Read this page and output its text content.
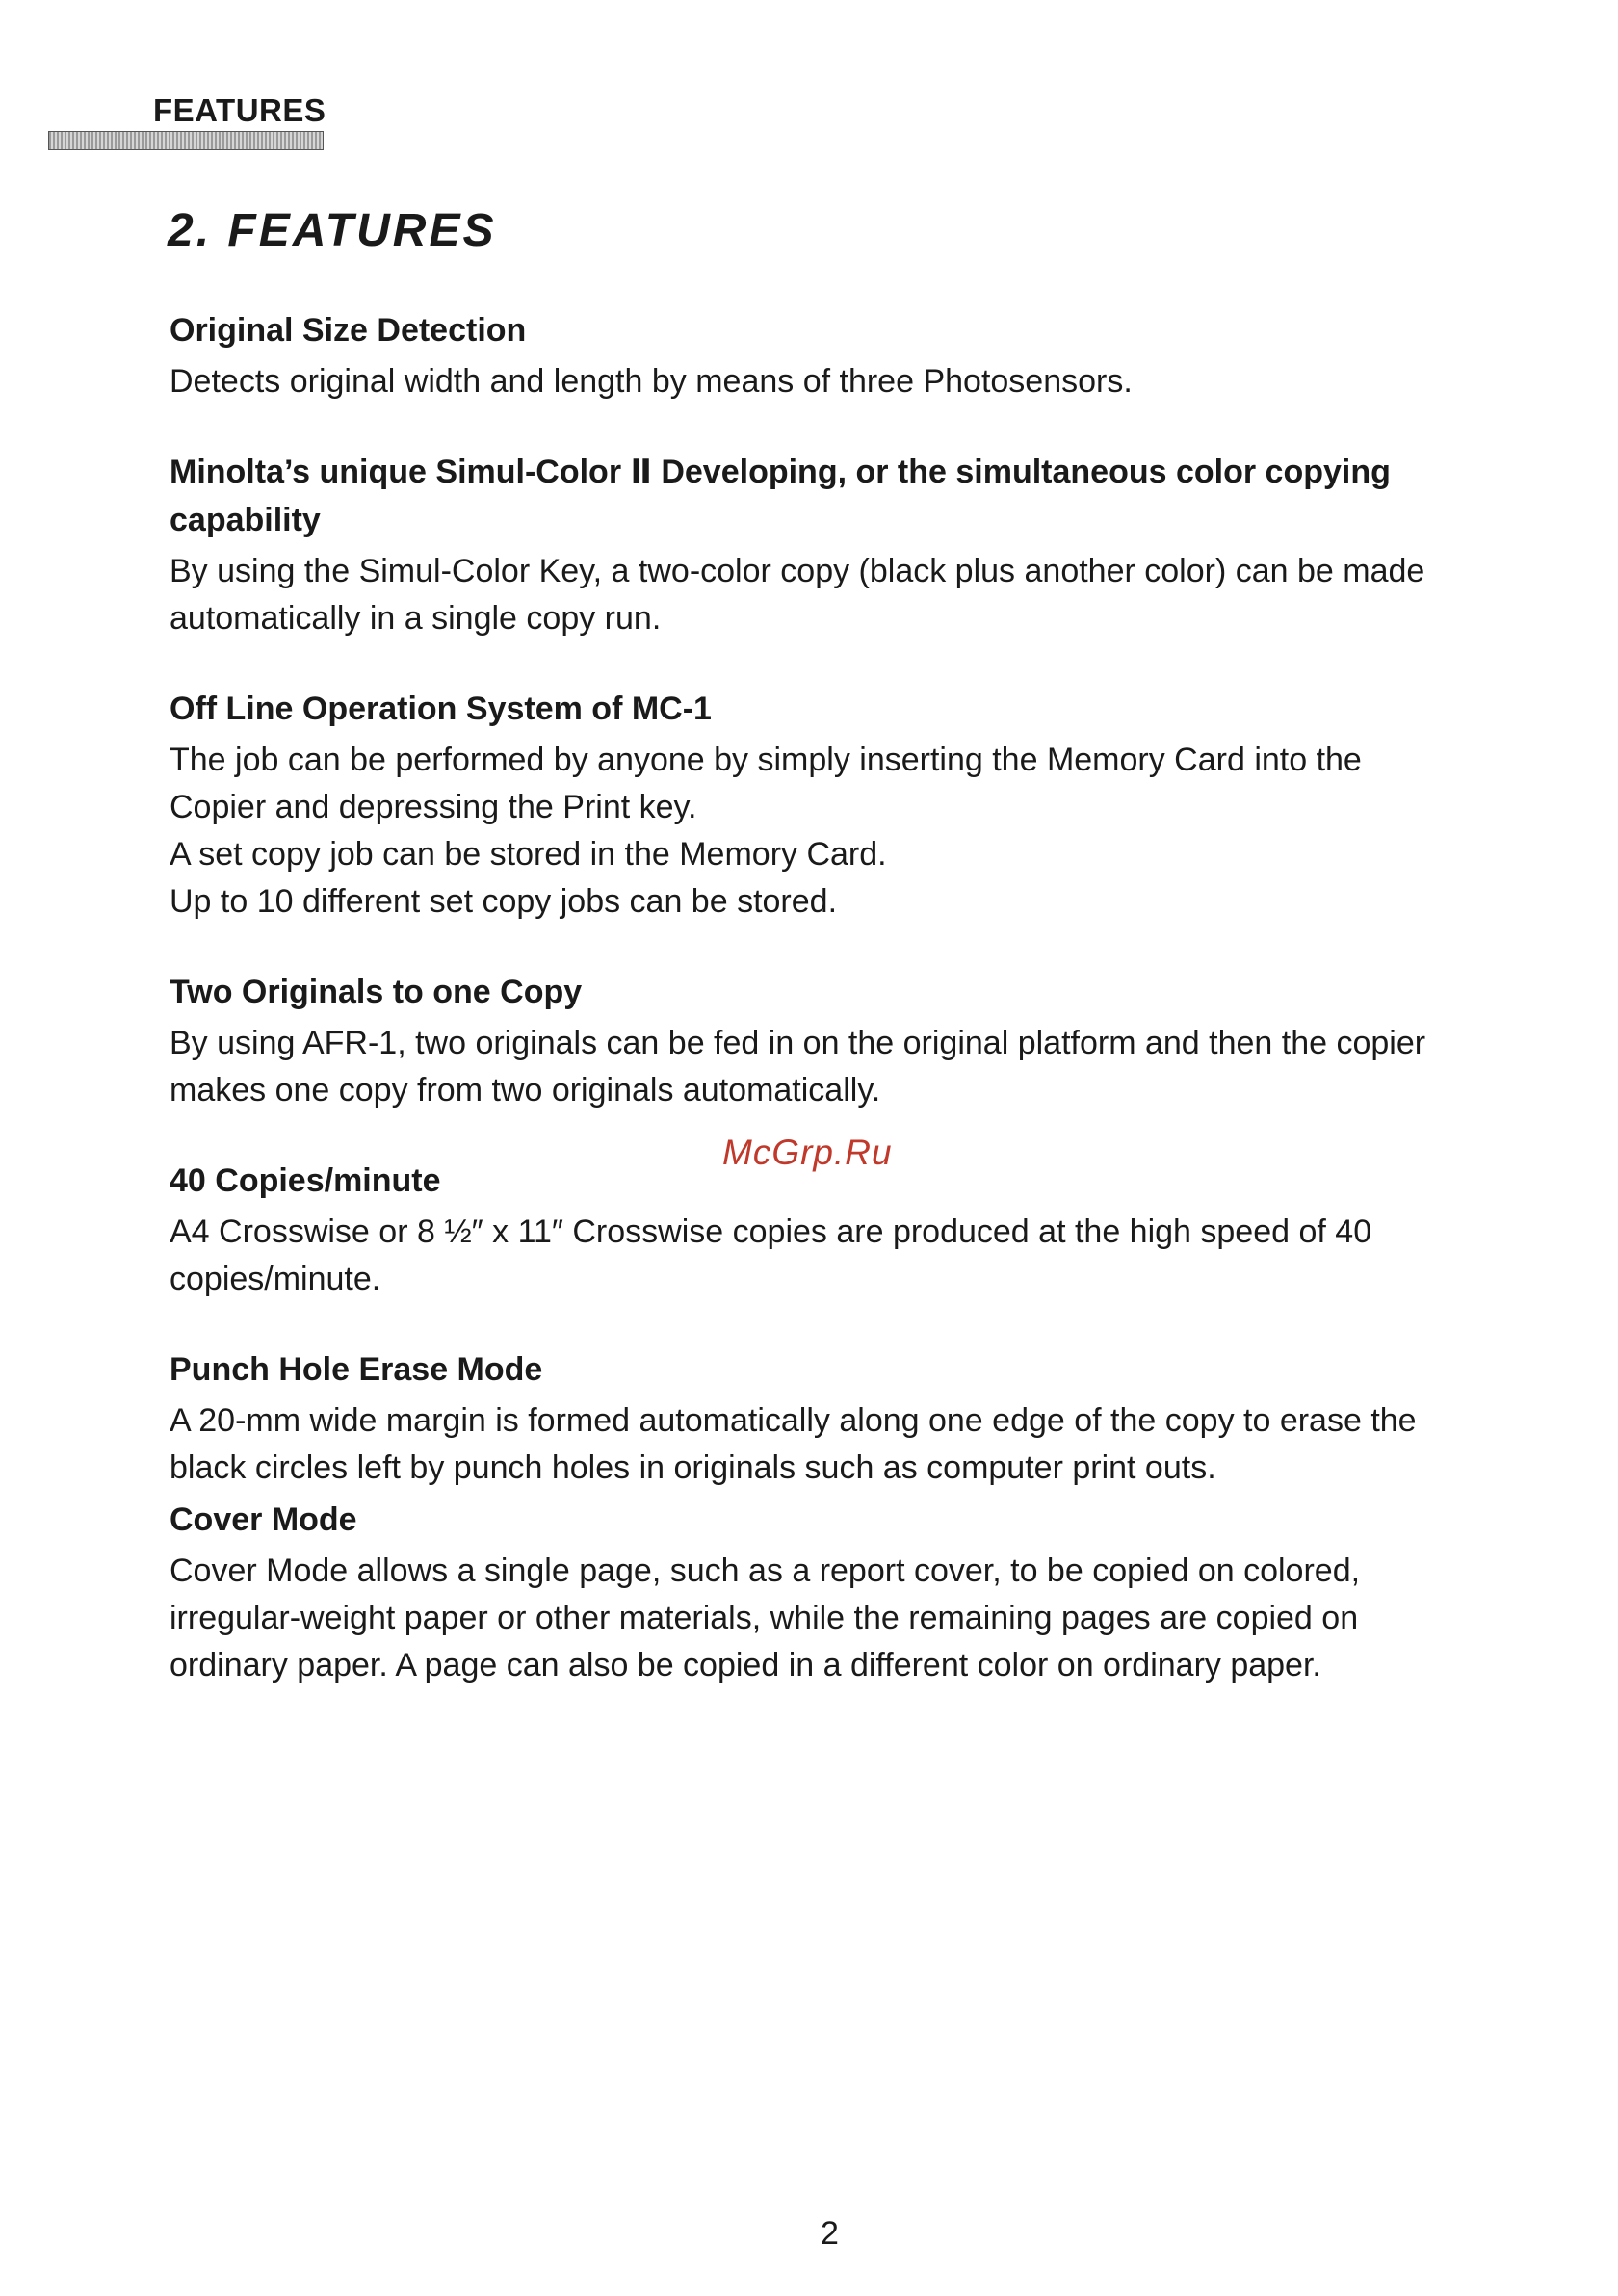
FEATURES
2. FEATURES
Original Size Detection

Detects original width and length by means of three Photosensors.

Minolta’s unique Simul-Color Ⅱ Developing, or the simultaneous color copying capability

By using the Simul-Color Key, a two-color copy (black plus another color) can be made automatically in a single copy run.

Off Line Operation System of MC-1

The job can be performed by anyone by simply inserting the Memory Card into the Copier and depressing the Print key.

A set copy job can be stored in the Memory Card.

Up to 10 different set copy jobs can be stored.

Two Originals to one Copy

By using AFR-1, two originals can be fed in on the original platform and then the copier makes one copy from two originals automatically.

40 Copies/minute

A4 Crosswise or 8 ½″ x 11″ Crosswise copies are produced at the high speed of 40 copies/minute.

Punch Hole Erase Mode

A 20-mm wide margin is formed automatically along one edge of the copy to erase the black circles left by punch holes in originals such as computer print outs.

Cover Mode

Cover Mode allows a single page, such as a report cover, to be copied on colored, irregular-weight paper or other materials, while the remaining pages are copied on ordinary paper. A page can also be copied in a different color on ordinary paper.

McGrp.Ru
2
